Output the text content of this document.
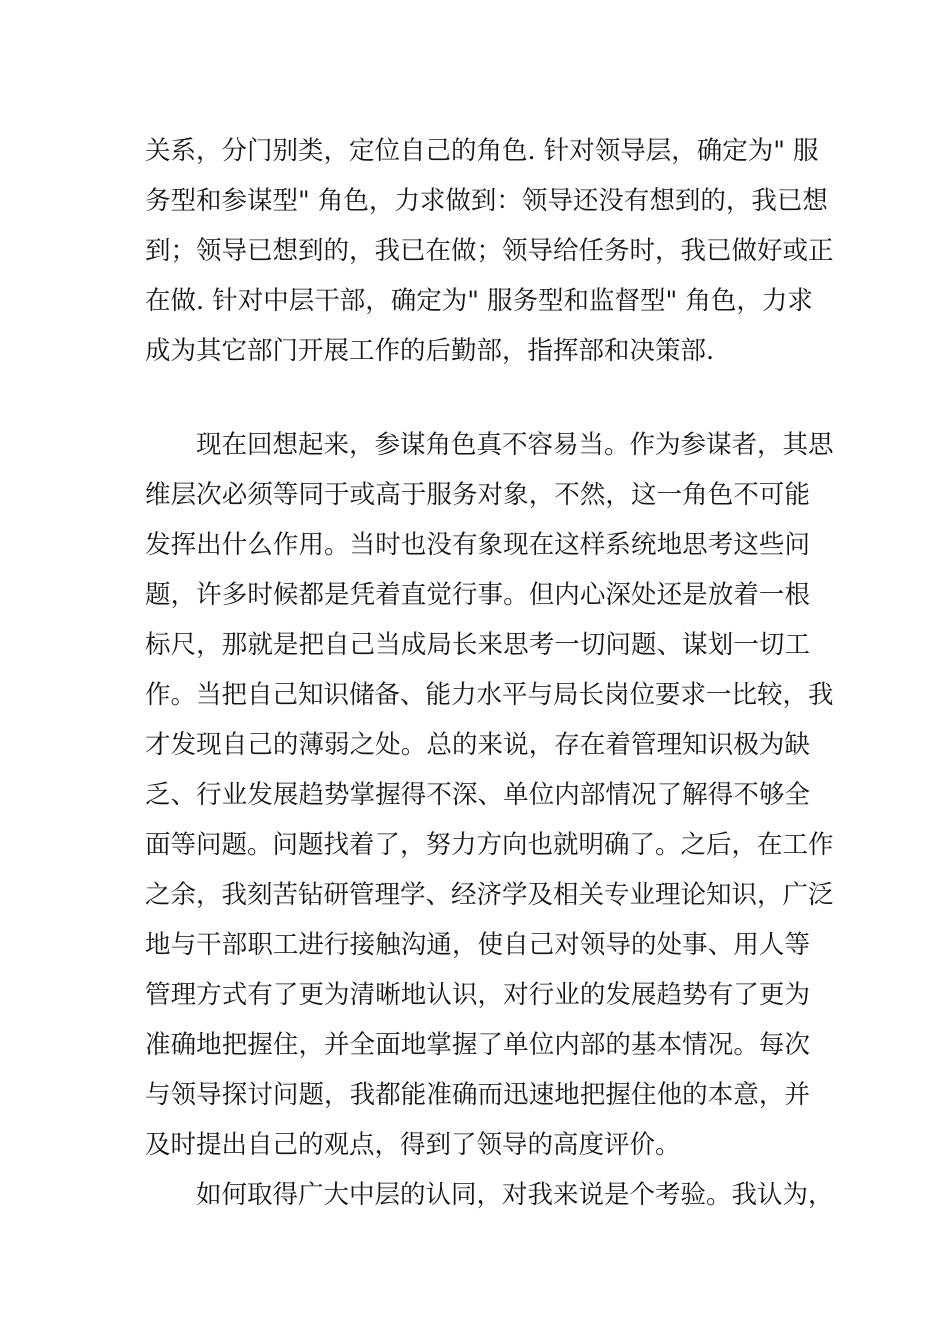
关系，分门别类，定位自己的角色. 针对领导层，确定为" 服
务型和参谋型" 角色，力求做到：领导还没有想到的，我已想
到；领导已想到的，我已在做；领导给任务时，我已做好或正
在做. 针对中层干部，确定为" 服务型和监督型" 角色，力求
成为其它部门开展工作的后勤部，指挥部和决策部.
现在回想起来，参谋角色真不容易当。作为参谋者，其思
维层次必须等同于或高于服务对象，不然，这一角色不可能
发挥出什么作用。当时也没有象现在这样系统地思考这些问
题，许多时候都是凭着直觉行事。但内心深处还是放着一根
标尺，那就是把自己当成局长来思考一切问题、谋划一切工
作。当把自己知识储备、能力水平与局长岗位要求一比较，我
才发现自己的薄弱之处。总的来说，存在着管理知识极为缺
乏、行业发展趋势掌握得不深、单位内部情况了解得不够全
面等问题。问题找着了，努力方向也就明确了。之后，在工作
之余，我刻苦钻研管理学、经济学及相关专业理论知识，广泛
地与干部职工进行接触沟通，使自己对领导的处事、用人等
管理方式有了更为清晰地认识，对行业的发展趋势有了更为
准确地把握住，并全面地掌握了单位内部的基本情况。每次
与领导探讨问题，我都能准确而迅速地把握住他的本意，并
及时提出自己的观点，得到了领导的高度评价。
如何取得广大中层的认同，对我来说是个考验。我认为，
